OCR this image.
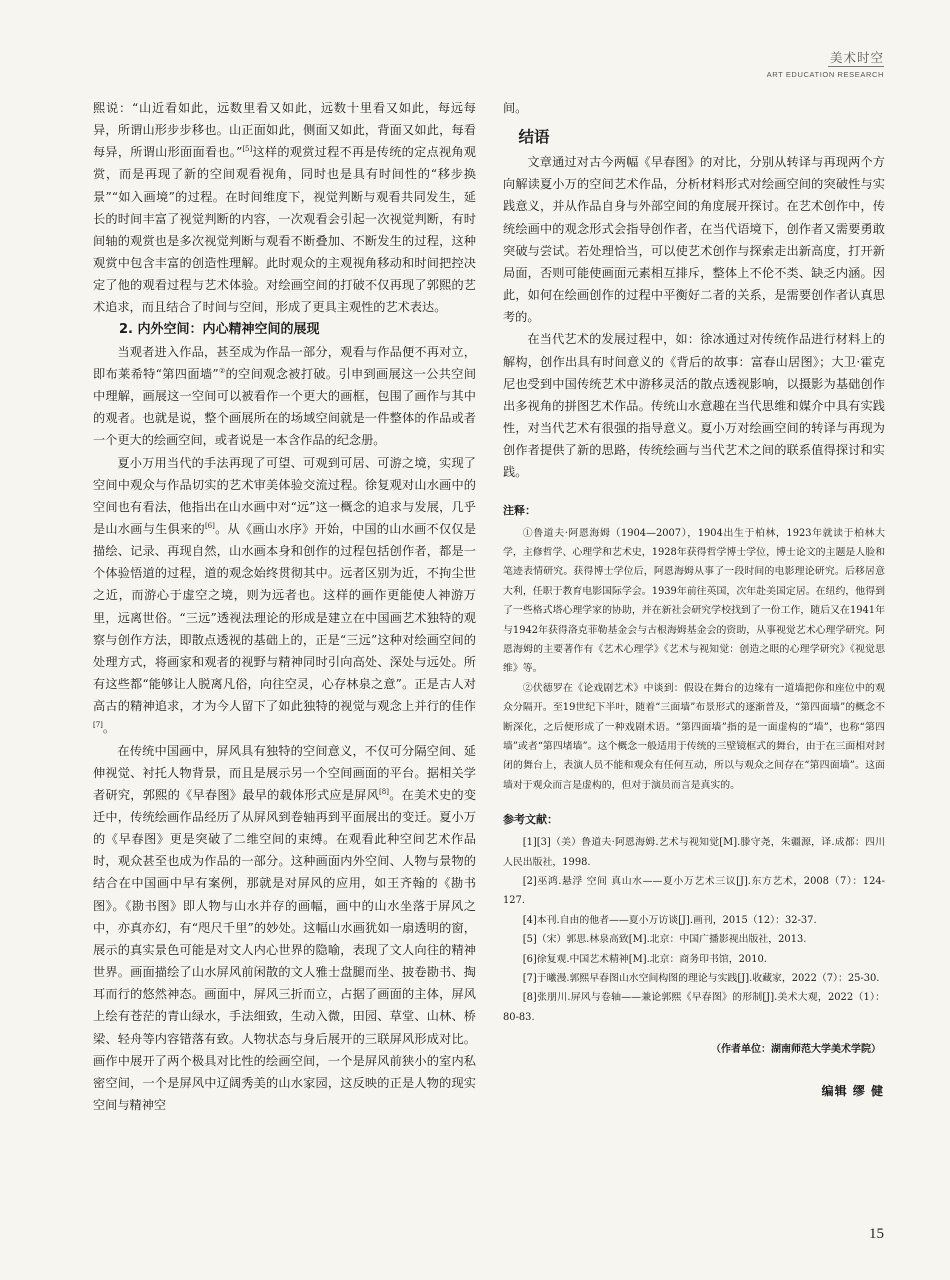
美术时空
ART EDUCATION RESEARCH

熙说：“山近看如此，远数里看又如此，远数十里看又如此，每远每异，所谓山形步步移也。山正面如此，侧面又如此，背面又如此，每看每异，所谓山形面面看也。”[5]这样的观赏过程不再是传统的定点视角观赏，而是再现了新的空间观看视角，同时也是具有时间性的“移步换景”“如入画境”的过程。在时间维度下，视觉判断与观看共同发生，延长的时间丰富了视觉判断的内容，一次观看会引起一次视觉判断，有时间轴的观赏也是多次视觉判断与观看不断叠加、不断发生的过程，这种观赏中包含丰富的创造性理解。此时观众的主观视角移动和时间把控决定了他的观看过程与艺术体验。对绘画空间的打破不仅再现了郭熙的艺术追求，而且结合了时间与空间，形成了更具主观性的艺术表达。

2. 内外空间：内心精神空间的展现

当观者进入作品，甚至成为作品一部分，观看与作品便不再对立，即布莱希特“第四面墙”②的空间观念被打破。引申到画展这一公共空间中理解，画展这一空间可以被看作一个更大的画框，包围了画作与其中的观者。也就是说，整个画展所在的场域空间就是一件整体的作品或者一个更大的绘画空间，或者说是一本含作品的纪念册。

夏小万用当代的手法再现了可望、可观到可居、可游之境，实现了空间中观众与作品切实的艺术审美体验交流过程。徐复观对山水画中的空间也有看法，他指出在山水画中对“远”这一概念的追求与发展，几乎是山水画与生俱来的[6]。从《画山水序》开始，中国的山水画不仅仅是描绘、记录、再现自然，山水画本身和创作的过程包括创作者，都是一个体验悟道的过程，道的观念始终贯彻其中。远者区别为近，不拘尘世之近，而游心于虚空之境，则为远者也。这样的画作更能使人神游万里，远离世俗。“三远”透视法理论的形成是建立在中国画艺术独特的观察与创作方法，即散点透视的基础上的，正是“三远”这种对绘画空间的处理方式，将画家和观者的视野与精神同时引向高处、深处与远处。所有这些都“能够让人脱离凡俗，向往空灵，心存林泉之意”。正是古人对高古的精神追求，才为今人留下了如此独特的视觉与观念上并行的佳作[7]。

在传统中国画中，屏风具有独特的空间意义，不仅可分隔空间、延伸视觉、衬托人物背景，而且是展示另一个空间画面的平台。据相关学者研究，郭熙的《早春图》最早的载体形式应是屏风[8]。在美术史的变迁中，传统绘画作品经历了从屏风到卷轴再到平面展出的变迁。夏小万的《早春图》更是突破了二维空间的束缚。在观看此种空间艺术作品时，观众甚至也成为作品的一部分。这种画面内外空间、人物与景物的结合在中国画中早有案例，那就是对屏风的应用，如王齐翰的《勘书图》。《勘书图》即人物与山水并存的画幅，画中的山水坐落于屏风之中，亦真亦幻，有“咫尺千里”的妙处。这幅山水画犹如一扇透明的窗，展示的真实景色可能是对文人内心世界的隐喻，表现了文人向往的精神世界。画面描绘了山水屏风前闲散的文人雅士盘腿而坐、披卷勘书、掏耳而行的悠然神态。画面中，屏风三折而立，占据了画面的主体，屏风上绘有苍茫的青山绿水，手法细致，生动入微，田园、草堂、山林、桥梁、轻舟等内容错落有致。人物状态与身后展开的三联屏风形成对比。画作中展开了两个极具对比性的绘画空间，一个是屏风前狭小的室内私密空间，一个是屏风中辽阔秀美的山水家园，这反映的正是人物的现实空间与精神空

间。

结语

文章通过对古今两幅《早春图》的对比，分别从转译与再现两个方向解读夏小万的空间艺术作品，分析材料形式对绘画空间的突破性与实践意义，并从作品自身与外部空间的角度展开探讨。在艺术创作中，传统绘画中的观念形式会指导创作者，在当代语境下，创作者又需要勇敢突破与尝试。若处理恰当，可以使艺术创作与探索走出新高度，打开新局面，否则可能使画面元素相互排斥，整体上不伦不类、缺乏内涵。因此，如何在绘画创作的过程中平衡好二者的关系，是需要创作者认真思考的。

在当代艺术的发展过程中，如：徐冰通过对传统作品进行材料上的解构，创作出具有时间意义的《背后的故事：富春山居图》；大卫·霍克尼也受到中国传统艺术中游移灵活的散点透视影响，以摄影为基础创作出多视角的拼图艺术作品。传统山水意趣在当代思维和媒介中具有实践性，对当代艺术有很强的指导意义。夏小万对绘画空间的转译与再现为创作者提供了新的思路，传统绘画与当代艺术之间的联系值得探讨和实践。

注释：

①鲁道夫·阿恩海姆（1904—2007），1904出生于柏林，1923年就读于柏林大学，主修哲学、心理学和艺术史，1928年获得哲学博士学位，博士论文的主题是人脸和笔迹表情研究。获得博士学位后，阿恩海姆从事了一段时间的电影理论研究。后移居意大利，任职于教育电影国际学会。1939年前往英国，次年赴美国定居。在纽约，他得到了一些格式塔心理学家的协助，并在新社会研究学校找到了一份工作，随后又在1941年与1942年获得洛克菲勒基金会与古根海姆基金会的资助，从事视觉艺术心理学研究。阿恩海姆的主要著作有《艺术心理学》《艺术与视知觉：创造之眼的心理学研究》《视觉思维》等。

②伏德罗在《论戏剧艺术》中谈到：假设在舞台的边缘有一道墙把你和座位中的观众分隔开。至19世纪下半叶，随着“三面墙”布景形式的逐渐普及，“第四面墙”的概念不断深化，之后便形成了一种戏剧术语。“第四面墙”指的是一面虚构的“墙”，也称“第四墙”或者“第四堵墙”。这个概念一般适用于传统的三壁镜框式的舞台，由于在三面相对封闭的舞台上，表演人员不能和观众有任何互动，所以与观众之间存在“第四面墙”。这面墙对于观众而言是虚构的，但对于演员而言是真实的。

参考文献：

[1][3]（美）鲁道夫·阿恩海姆.艺术与视知觉[M].滕守尧，朱疆源，译.成都：四川人民出版社，1998.

[2]巫鸿.悬浮 空间 真山水——夏小万艺术三议[J].东方艺术，2008（7）：124-127.

[4]本刊.自由的他者——夏小万访谈[J].画刊，2015（12）：32-37.

[5]（宋）郭思.林泉高致[M].北京：中国广播影视出版社，2013.

[6]徐复观.中国艺术精神[M].北京：商务印书馆，2010.

[7]于曦漫.郭熙早春图山水空间构图的理论与实践[J].收藏家，2022（7）：25-30.

[8]张朋川.屏风与卷轴——兼论郭熙《早春图》的形制[J].美术大观，2022（1）：80-83.

（作者单位：湖南师范大学美术学院）
编辑 缪 健
15
